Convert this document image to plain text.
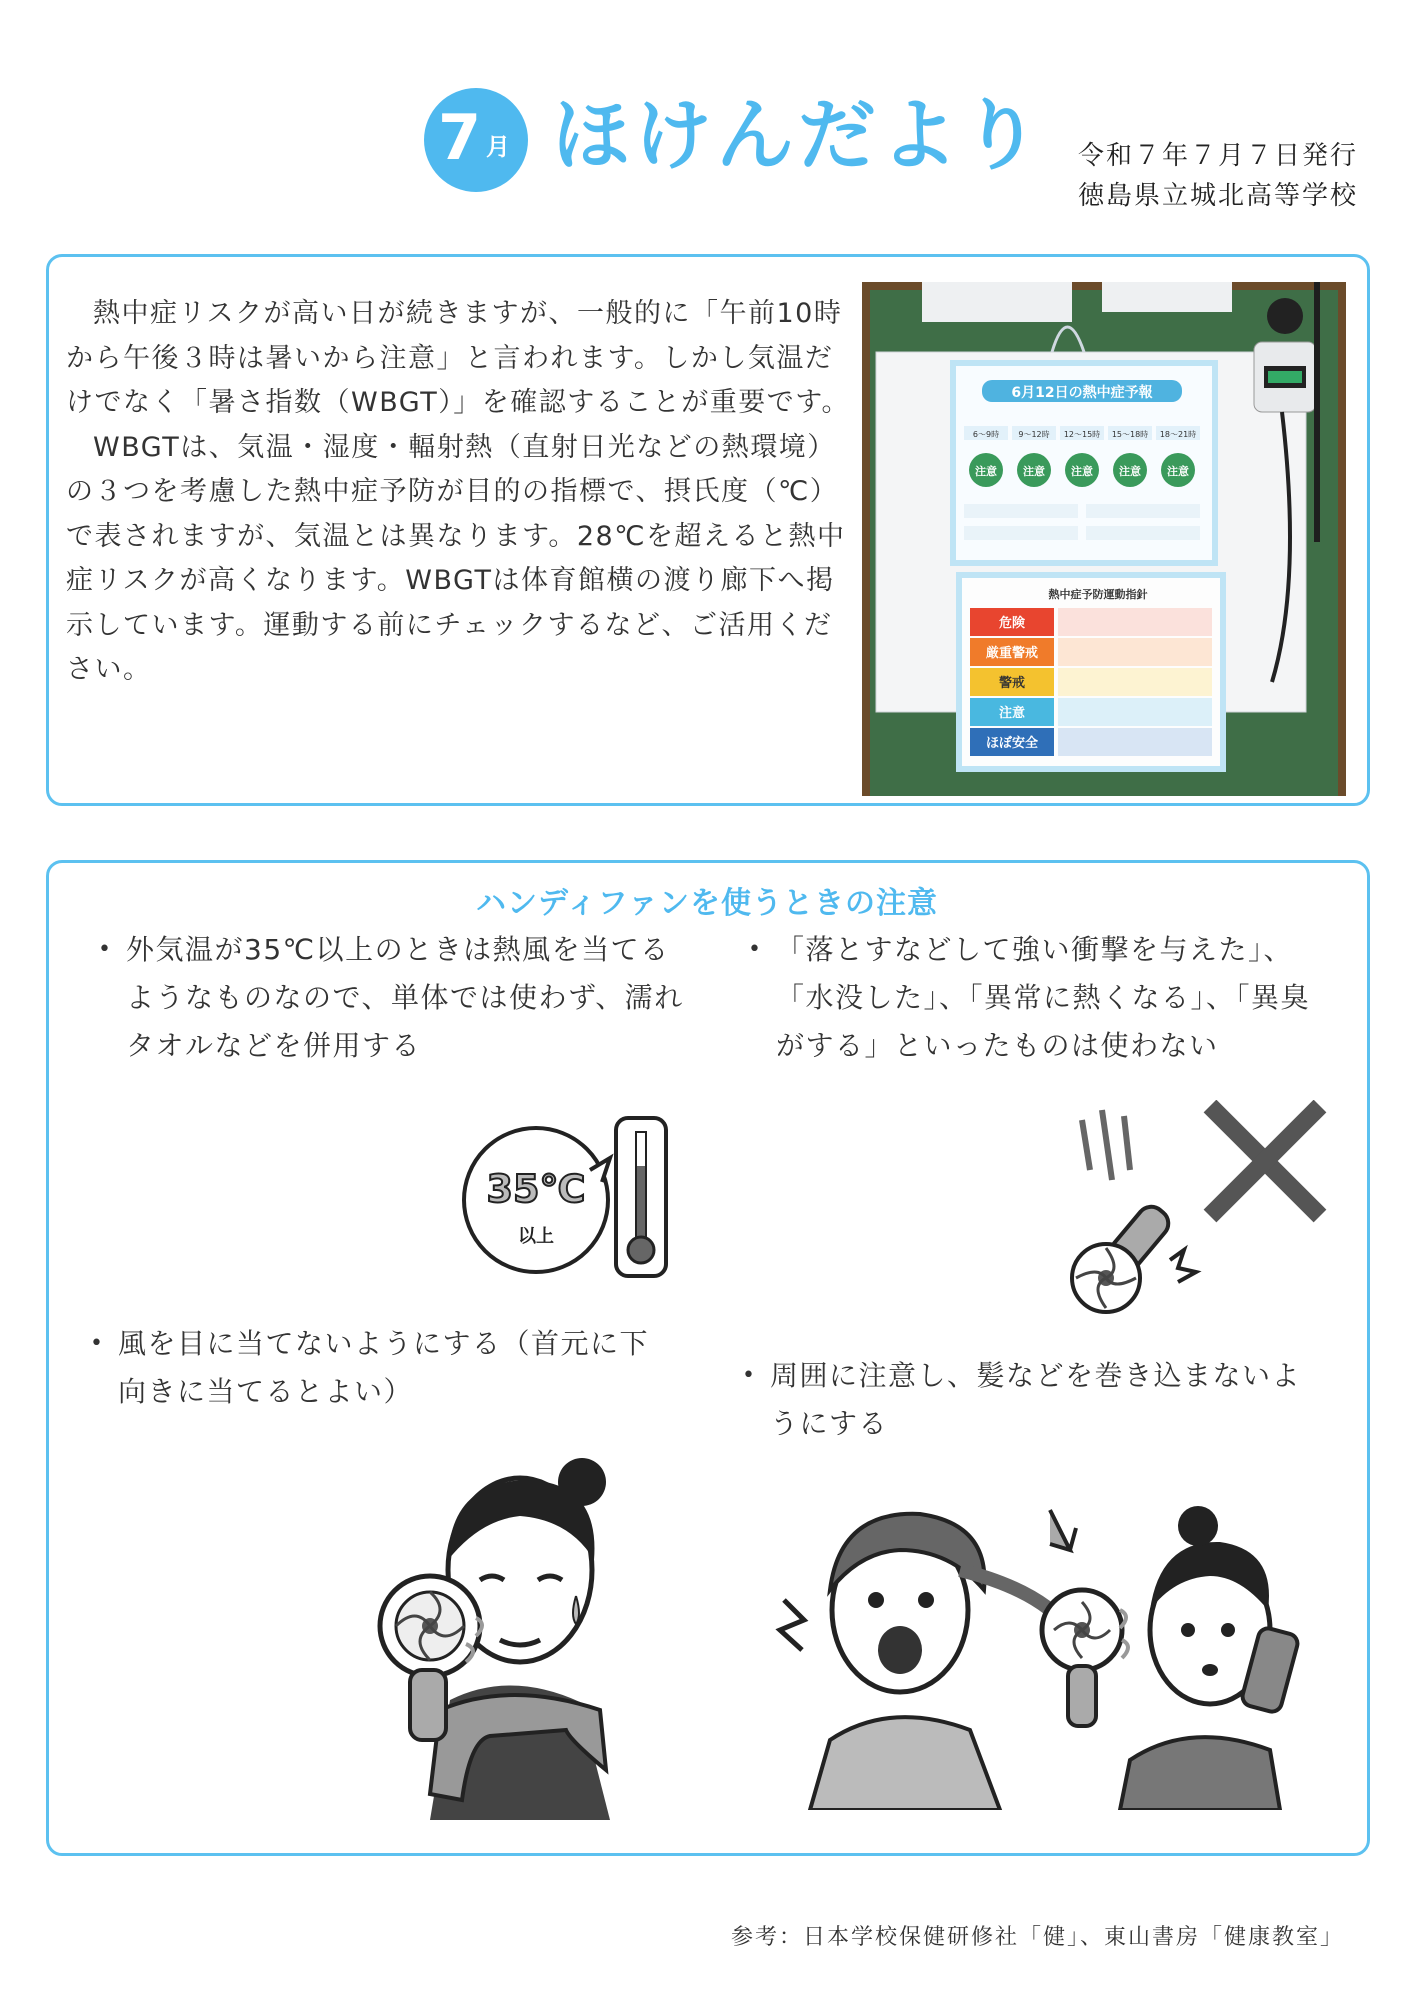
7 月 ほけんだより 令和７年７月７日発行
徳島県立城北高等学校

熱中症リスクが高い日が続きますが、一般的に「午前10時から午後３時は暑いから注意」と言われます。しかし気温だけでなく「暑さ指数（WBGT）」を確認することが重要です。

WBGTは、気温・湿度・輻射熱（直射日光などの熱環境）の３つを考慮した熱中症予防が目的の指標で、摂氏度（℃）で表されますが、気温とは異なります。28℃を超えると熱中症リスクが高くなります。WBGTは体育館横の渡り廊下へ掲示しています。運動する前にチェックするなど、ご活用ください。

6月12日の熱中症予報
6～9時 9～12時 12～15時 15～18時 18～21時
注意 注意 注意 注意 注意
熱中症予防運動指針
危険
厳重警戒
警戒
注意
ほぼ安全
ハンディファンを使うときの注意
• 外気温が35℃以上のときは熱風を当てるようなものなので、単体では使わず、濡れタオルなどを併用する
• 「落とすなどして強い衝撃を与えた」、「水没した」、「異常に熱くなる」、「異臭がする」といったものは使わない
• 風を目に当てないようにする（首元に下向きに当てるとよい）	• 周囲に注意し、髪などを巻き込まないようにする
35℃
以上
参考：日本学校保健研修社「健」、東山書房「健康教室」
